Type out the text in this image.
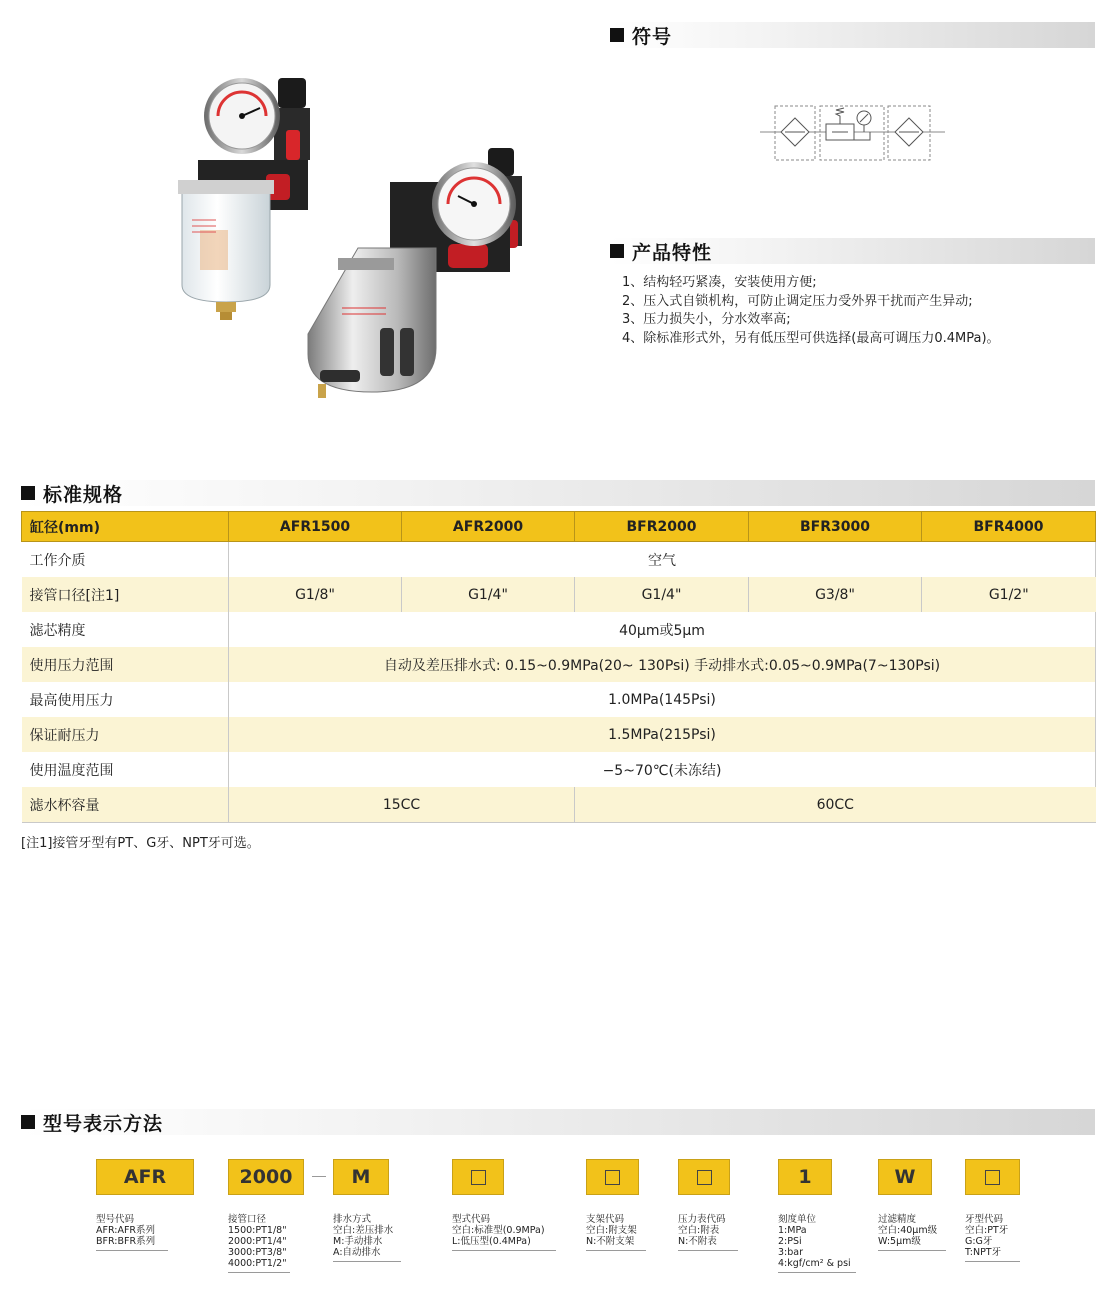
符号
产品特性
标准规格
型号表示方法
1、结构轻巧紧凑，安装使用方便;
2、压入式自锁机构，可防止调定压力受外界干扰而产生异动;
3、压力损失小，分水效率高;
4、除标准形式外，另有低压型可供选择(最高可调压力0.4MPa)。
缸径(mm)	AFR1500	AFR2000	BFR2000	BFR3000	BFR4000
工作介质	空气				
接管口径[注1]	G1/8"	G1/4"	G1/4"	G3/8"	G1/2"
滤芯精度	40μm或5μm				
使用压力范围	自动及差压排水式: 0.15~0.9MPa(20~ 130Psi) 手动排水式:0.05~0.9MPa(7~130Psi)				
最高使用压力	1.0MPa(145Psi)				
保证耐压力	1.5MPa(215Psi)				
使用温度范围	−5~70℃(未冻结)				
滤水杯容量	15CC		60CC		
[注1]接管牙型有PT、G牙、NPT牙可选。
AFR	2000	M	1	W
型号代码
AFR:AFR系列
BFR:BFR系列
接管口径
1500:PT1/8"
2000:PT1/4"
3000:PT3/8"
4000:PT1/2"
排水方式
空白:差压排水
M:手动排水
A:自动排水
型式代码
空白:标准型(0.9MPa)
L:低压型(0.4MPa)
支架代码
空白:附支架
N:不附支架
压力表代码
空白:附表
N:不附表
刻度单位
1:MPa
2:PSi
3:bar
4:kgf/cm² & psi
过滤精度
空白:40μm级
W:5μm级
牙型代码
空白:PT牙
G:G牙
T:NPT牙
